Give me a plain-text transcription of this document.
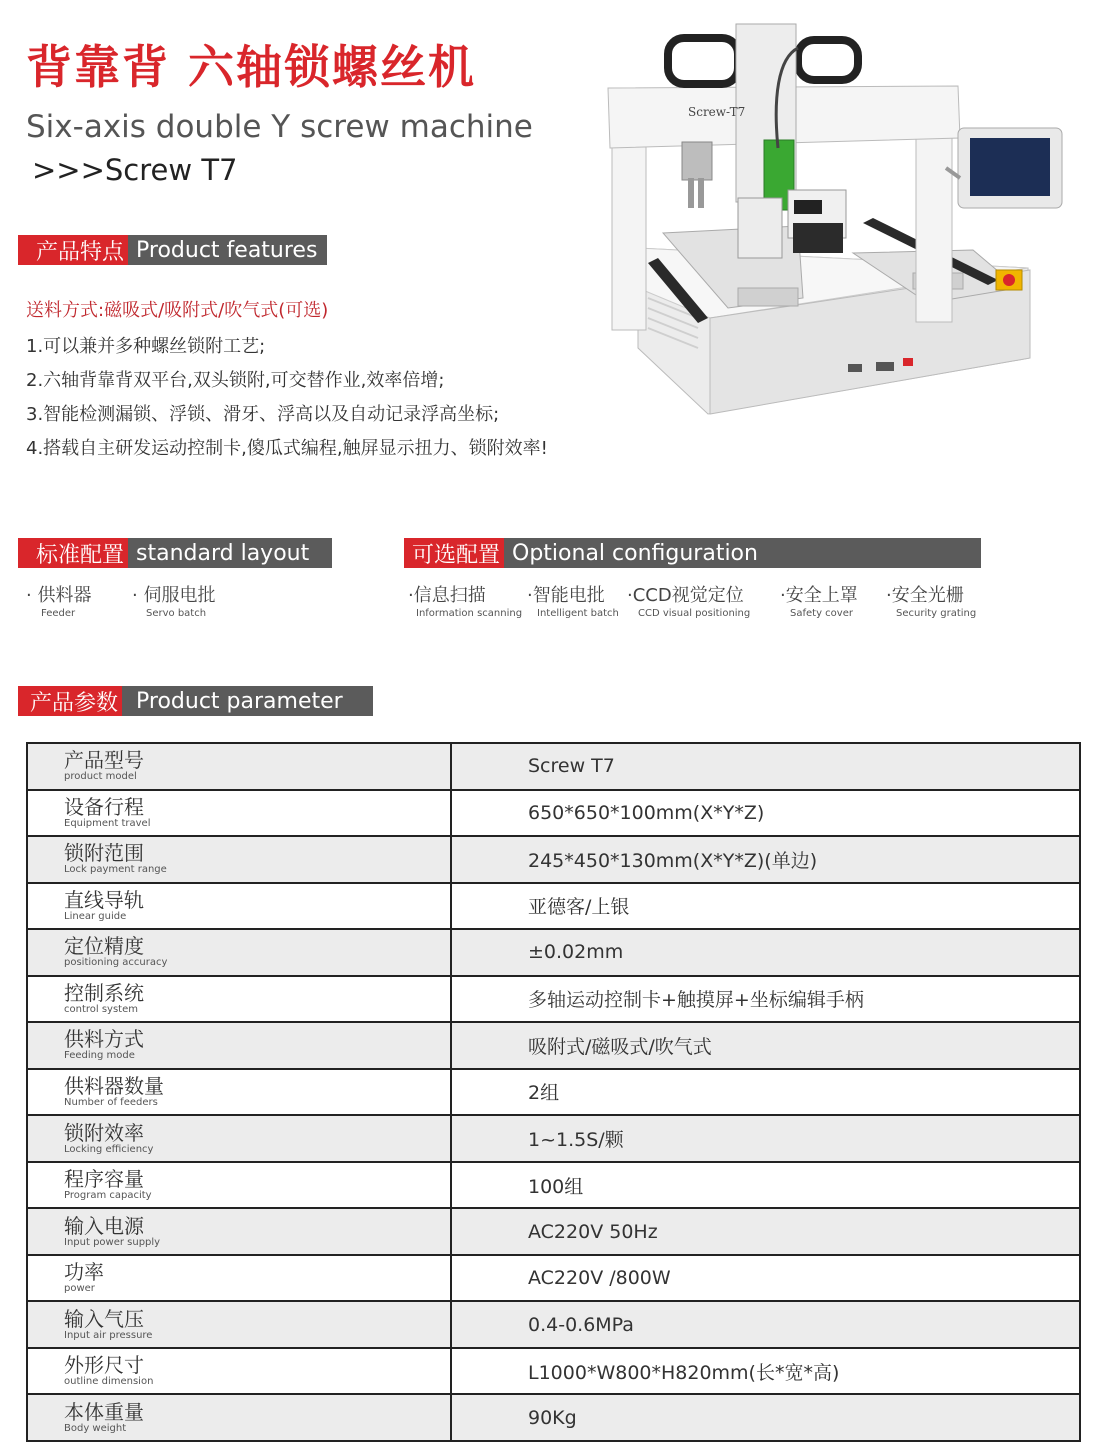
背靠背 六轴锁螺丝机
Six-axis double Y screw machine
>>>Screw T7
Screw-T7
产品特点 Product features
送料方式:磁吸式/吸附式/吹气式(可选)
1.可以兼并多种螺丝锁附工艺;
2.六轴背靠背双平台,双头锁附,可交替作业,效率倍增;
3.智能检测漏锁、浮锁、滑牙、浮高以及自动记录浮高坐标;
4.搭载自主研发运动控制卡,傻瓜式编程,触屏显示扭力、锁附效率!
标准配置 standard layout
· 供料器
Feeder
· 伺服电批
Servo batch
可选配置 Optional configuration
·信息扫描
Information scanning
·智能电批
Intelligent batch
·CCD视觉定位
CCD visual positioning
·安全上罩
Safety cover
·安全光栅
Security grating
产品参数 Product parameter
产品型号
product model	Screw T7

设备行程
Equipment travel	650*650*100mm(X*Y*Z)

锁附范围
Lock payment range	245*450*130mm(X*Y*Z)(单边)

直线导轨
Linear guide	亚德客/上银

定位精度
positioning accuracy	±0.02mm

控制系统
control system	多轴运动控制卡+触摸屏+坐标编辑手柄

供料方式
Feeding mode	吸附式/磁吸式/吹气式

供料器数量
Number of feeders	2组

锁附效率
Locking efficiency	1~1.5S/颗

程序容量
Program capacity	100组

输入电源
Input power supply	AC220V 50Hz

功率
power	AC220V /800W

输入气压
Input air pressure	0.4-0.6MPa

外形尺寸
outline dimension	L1000*W800*H820mm(长*宽*高)

本体重量
Body weight	90Kg
